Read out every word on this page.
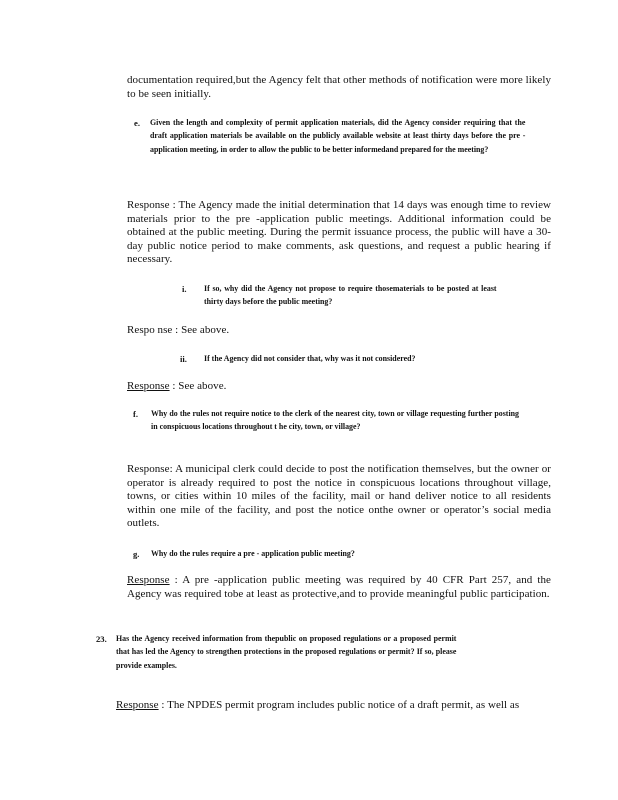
documentation required,but the Agency felt that other methods of notification were more likely to be seen initially.

e. Given the length and complexity of permit application materials, did the Agency consider requiring that the draft application materials be available on the publicly available website at least thirty days before the pre - application meeting, in order to allow the public to be better informedand prepared for the meeting?

Response : The Agency made the initial determination that 14 days was enough time to review materials prior to the pre -application public meetings. Additional information could be obtained at the public meeting. During the permit issuance process, the public will have a 30-day public notice period to make comments, ask questions, and request a public hearing if necessary.

i. If so, why did the Agency not propose to require thosematerials to be posted at least thirty days before the public meeting?

Respo nse : See above.

ii. If the Agency did not consider that, why was it not considered?

Response : See above.

f. Why do the rules not require notice to the clerk of the nearest city, town or village requesting further posting in conspicuous locations throughout t he city, town, or village?

Response: A municipal clerk could decide to post the notification themselves, but the owner or operator is already required to post the notice in conspicuous locations throughout village, towns, or cities within 10 miles of the facility, mail or hand deliver notice to all residents within one mile of the facility, and post the notice onthe owner or operator’s social media outlets.

g. Why do the rules require a pre - application public meeting?

Response : A pre -application public meeting was required by 40 CFR Part 257, and the Agency was required tobe at least as protective,and to provide meaningful public participation.

23. Has the Agency received information from thepublic on proposed regulations or a proposed permit that has led the Agency to strengthen protections in the proposed regulations or permit? If so, please provide examples.

Response : The NPDES permit program includes public notice of a draft permit, as well as
